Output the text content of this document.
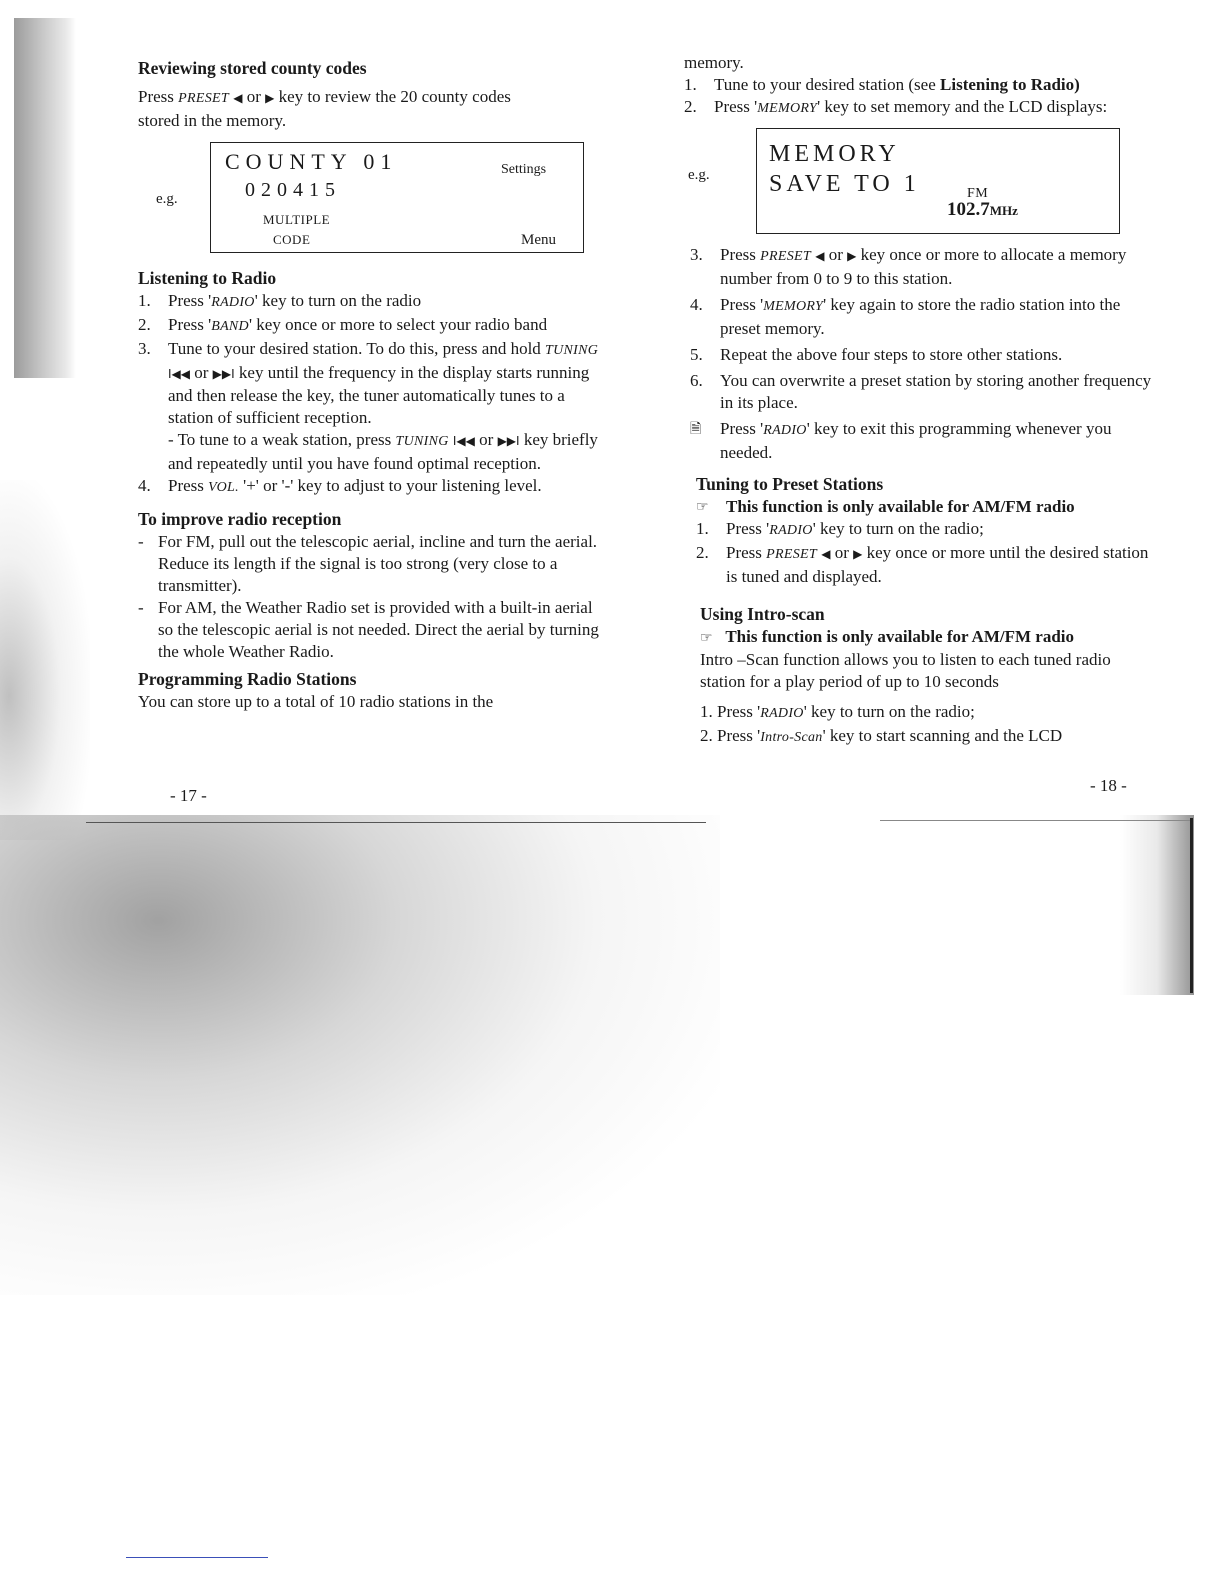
Reviewing stored county codes

Press PRESET ◀ or ▶ key to review the 20 county codes
stored in the memory.

e.g.
COUNTY 01
020415
MULTIPLE
CODE
Settings
Menu
Listening to Radio
1. Press 'RADIO' key to turn on the radio
2. Press 'BAND' key once or more to select your radio band
3. Tune to your desired station. To do this, press and hold TUNING I◀◀ or ▶▶I key until the frequency in the display starts running and then release the key, the tuner automatically tunes to a station of sufficient reception.
- To tune to a weak station, press TUNING I◀◀ or ▶▶I key briefly and repeatedly until you have found optimal reception.
4. Press VOL. '+' or '-' key to adjust to your listening level.
To improve radio reception
- For FM, pull out the telescopic aerial, incline and turn the aerial. Reduce its length if the signal is too strong (very close to a transmitter).
- For AM, the Weather Radio set is provided with a built-in aerial so the telescopic aerial is not needed. Direct the aerial by turning the whole Weather Radio.
Programming Radio Stations

You can store up to a total of 10 radio stations in the

- 17 -

memory.

1. Tune to your desired station (see Listening to Radio)
2. Press 'MEMORY' key to set memory and the LCD displays:
e.g.
MEMORY
SAVE TO 1	FM
102.7MHz
3. Press PRESET ◀ or ▶ key once or more to allocate a memory number from 0 to 9 to this station.
4. Press 'MEMORY' key again to store the radio station into the preset memory.
5. Repeat the above four steps to store other stations.
6. You can overwrite a preset station by storing another frequency in its place.
🗎 Press 'RADIO' key to exit this programming whenever you needed.
Tuning to Preset Stations
☞ This function is only available for AM/FM radio
1. Press 'RADIO' key to turn on the radio;
2. Press PRESET ◀ or ▶ key once or more until the desired station is tuned and displayed.
Using Intro-scan

☞ This function is only available for AM/FM radio

Intro –Scan function allows you to listen to each tuned radio station for a play period of up to 10 seconds

1. Press 'RADIO' key to turn on the radio;

2. Press 'Intro-Scan' key to start scanning and the LCD

- 18 -
